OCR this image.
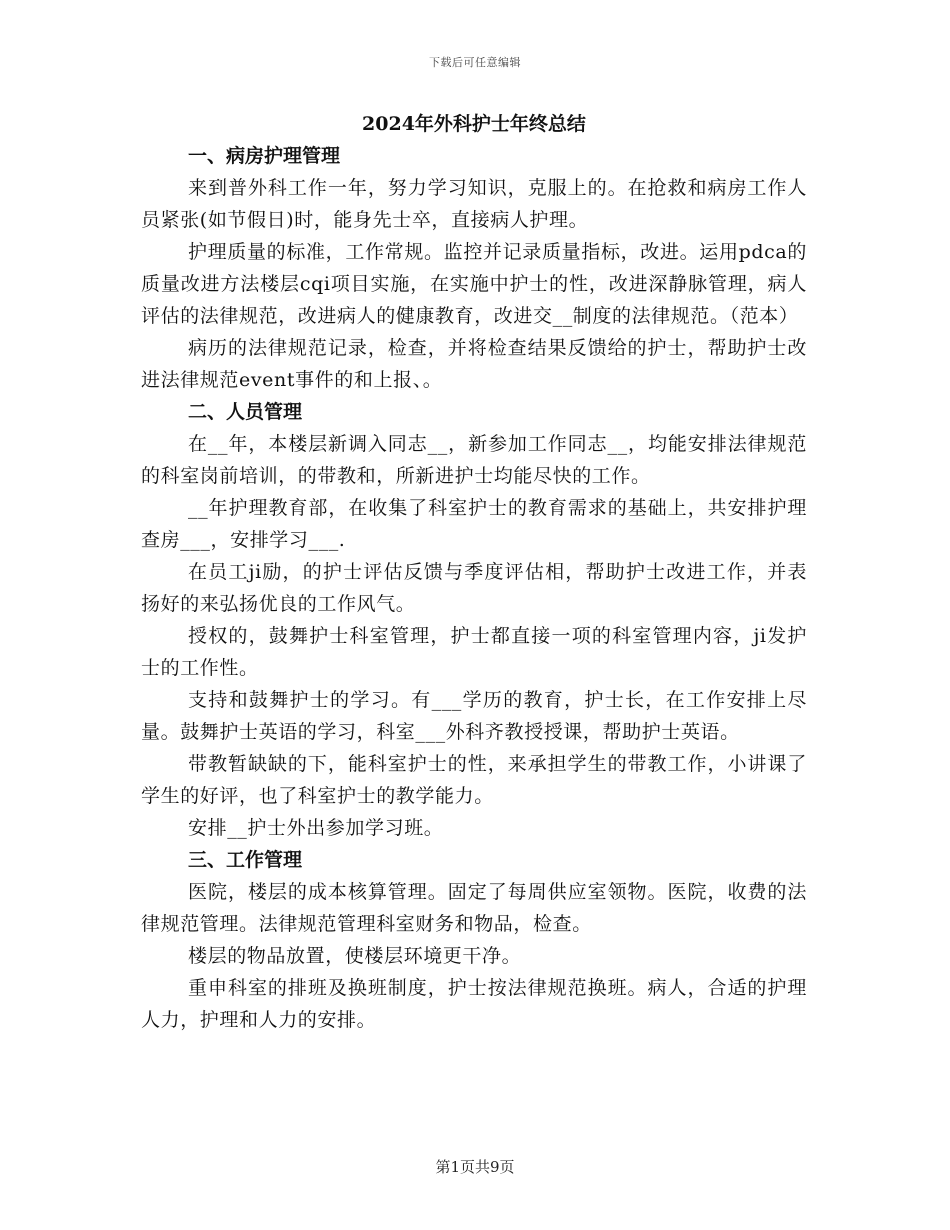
下载后可任意编辑
2024年外科护士年终总结
一、病房护理管理

来到普外科工作一年，努力学习知识，克服上的。在抢救和病房工作人员紧张(如节假日)时，能身先士卒，直接病人护理。

护理质量的标准，工作常规。监控并记录质量指标，改进。运用pdca的质量改进方法楼层cqi项目实施，在实施中护士的性，改进深静脉管理，病人评估的法律规范，改进病人的健康教育，改进交__制度的法律规范。（范本）

病历的法律规范记录，检查，并将检查结果反馈给的护士，帮助护士改进法律规范event事件的和上报、。

二、人员管理

在__年，本楼层新调入同志__，新参加工作同志__，均能安排法律规范的科室岗前培训，的带教和，所新进护士均能尽快的工作。

__年护理教育部，在收集了科室护士的教育需求的基础上，共安排护理查房___，安排学习___.

在员工ji励，的护士评估反馈与季度评估相，帮助护士改进工作，并表扬好的来弘扬优良的工作风气。

授权的，鼓舞护士科室管理，护士都直接一项的科室管理内容，ji发护士的工作性。

支持和鼓舞护士的学习。有___学历的教育，护士长，在工作安排上尽量。鼓舞护士英语的学习，科室___外科齐教授授课，帮助护士英语。

带教暂缺缺的下，能科室护士的性，来承担学生的带教工作，小讲课了学生的好评，也了科室护士的教学能力。

安排__护士外出参加学习班。

三、工作管理

医院，楼层的成本核算管理。固定了每周供应室领物。医院，收费的法律规范管理。法律规范管理科室财务和物品，检查。

楼层的物品放置，使楼层环境更干净。

重申科室的排班及换班制度，护士按法律规范换班。病人，合适的护理人力，护理和人力的安排。

第1页共9页
